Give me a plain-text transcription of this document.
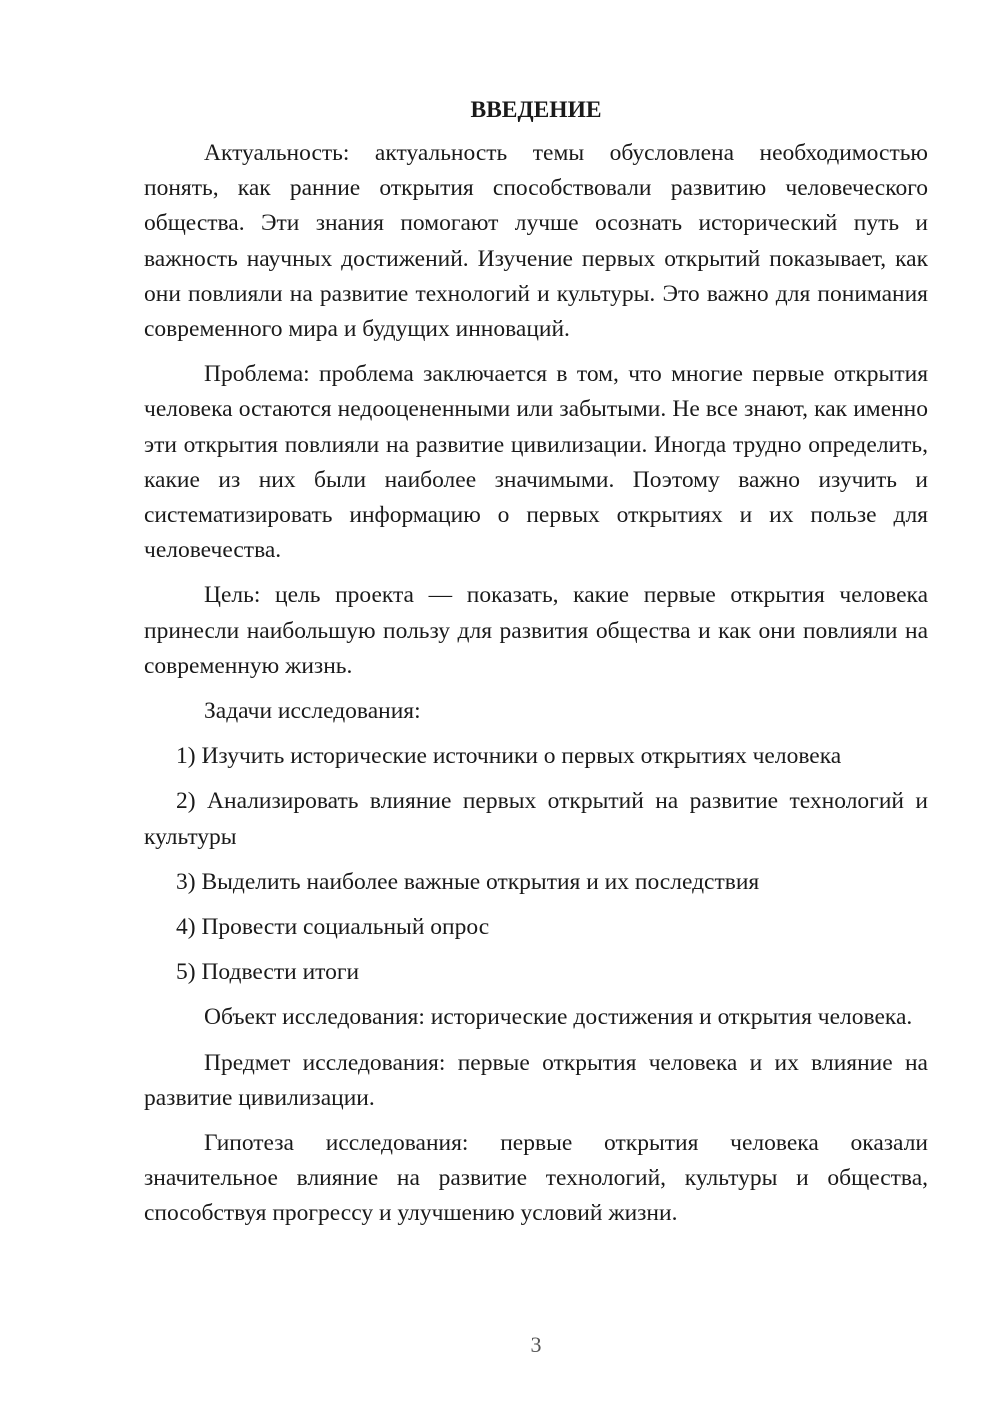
ВВЕДЕНИЕ

Актуальность: актуальность темы обусловлена необходимостью понять, как ранние открытия способствовали развитию человеческого общества. Эти знания помогают лучше осознать исторический путь и важность научных достижений. Изучение первых открытий показывает, как они повлияли на развитие технологий и культуры. Это важно для понимания современного мира и будущих инноваций.

Проблема: проблема заключается в том, что многие первые открытия человека остаются недооцененными или забытыми. Не все знают, как именно эти открытия повлияли на развитие цивилизации. Иногда трудно определить, какие из них были наиболее значимыми. Поэтому важно изучить и систематизировать информацию о первых открытиях и их пользе для человечества.

Цель: цель проекта — показать, какие первые открытия человека принесли наибольшую пользу для развития общества и как они повлияли на современную жизнь.

Задачи исследования:

1) Изучить исторические источники о первых открытиях человека

2) Анализировать влияние первых открытий на развитие технологий и культуры

3) Выделить наиболее важные открытия и их последствия

4) Провести социальный опрос

5) Подвести итоги

Объект исследования: исторические достижения и открытия человека.

Предмет исследования: первые открытия человека и их влияние на развитие цивилизации.

Гипотеза исследования: первые открытия человека оказали значительное влияние на развитие технологий, культуры и общества, способствуя прогрессу и улучшению условий жизни.

3
